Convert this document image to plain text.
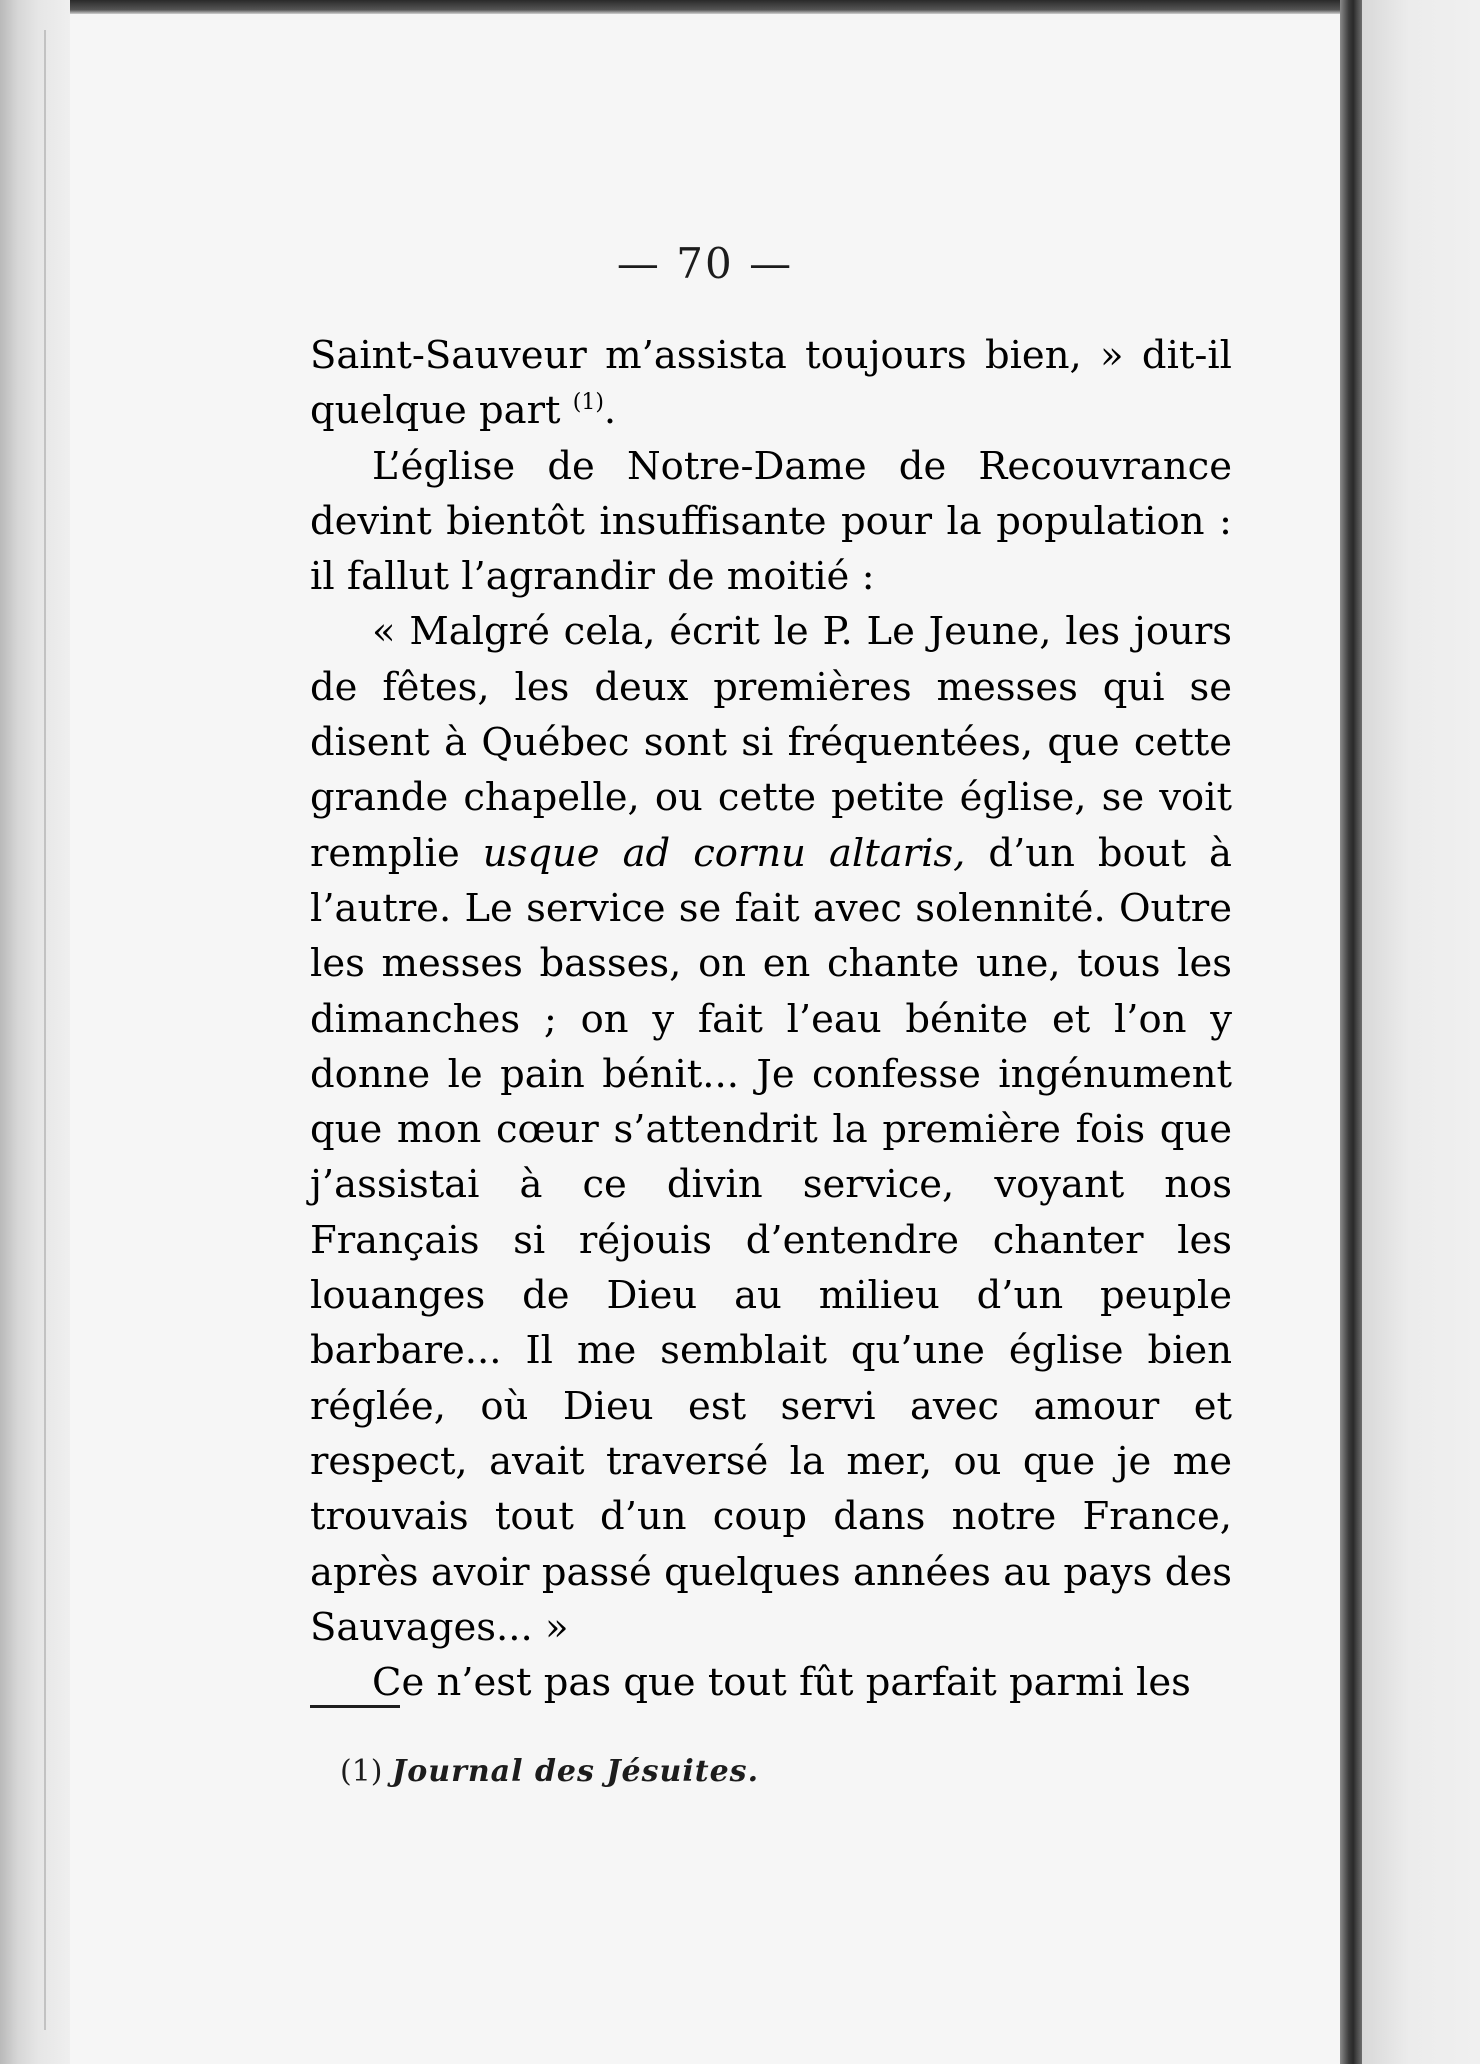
— 70 —

Saint-Sauveur m’assista toujours bien, » dit-il quelque part $^{(1)}$.

L’église de Notre-Dame de Recouvrance devint bientôt insuffisante pour la population : il fallut l’agrandir de moitié :

« Malgré cela, écrit le P. Le Jeune, les jours de fêtes, les deux premières messes qui se disent à Québec sont si fréquentées, que cette grande chapelle, ou cette petite église, se voit remplie usque ad cornu altaris, d’un bout à l’autre. Le service se fait avec solennité. Outre les messes basses, on en chante une, tous les dimanches ; on y fait l’eau bénite et l’on y donne le pain bénit... Je confesse ingénument que mon cœur s’attendrit la première fois que j’assistai à ce divin service, voyant nos Français si réjouis d’entendre chanter les louanges de Dieu au milieu d’un peuple barbare... Il me semblait qu’une église bien réglée, où Dieu est servi avec amour et respect, avait traversé la mer, ou que je me trouvais tout d’un coup dans notre France, après avoir passé quelques années au pays des Sauvages... »

Ce n’est pas que tout fût parfait parmi les

(1) Journal des Jésuites.
